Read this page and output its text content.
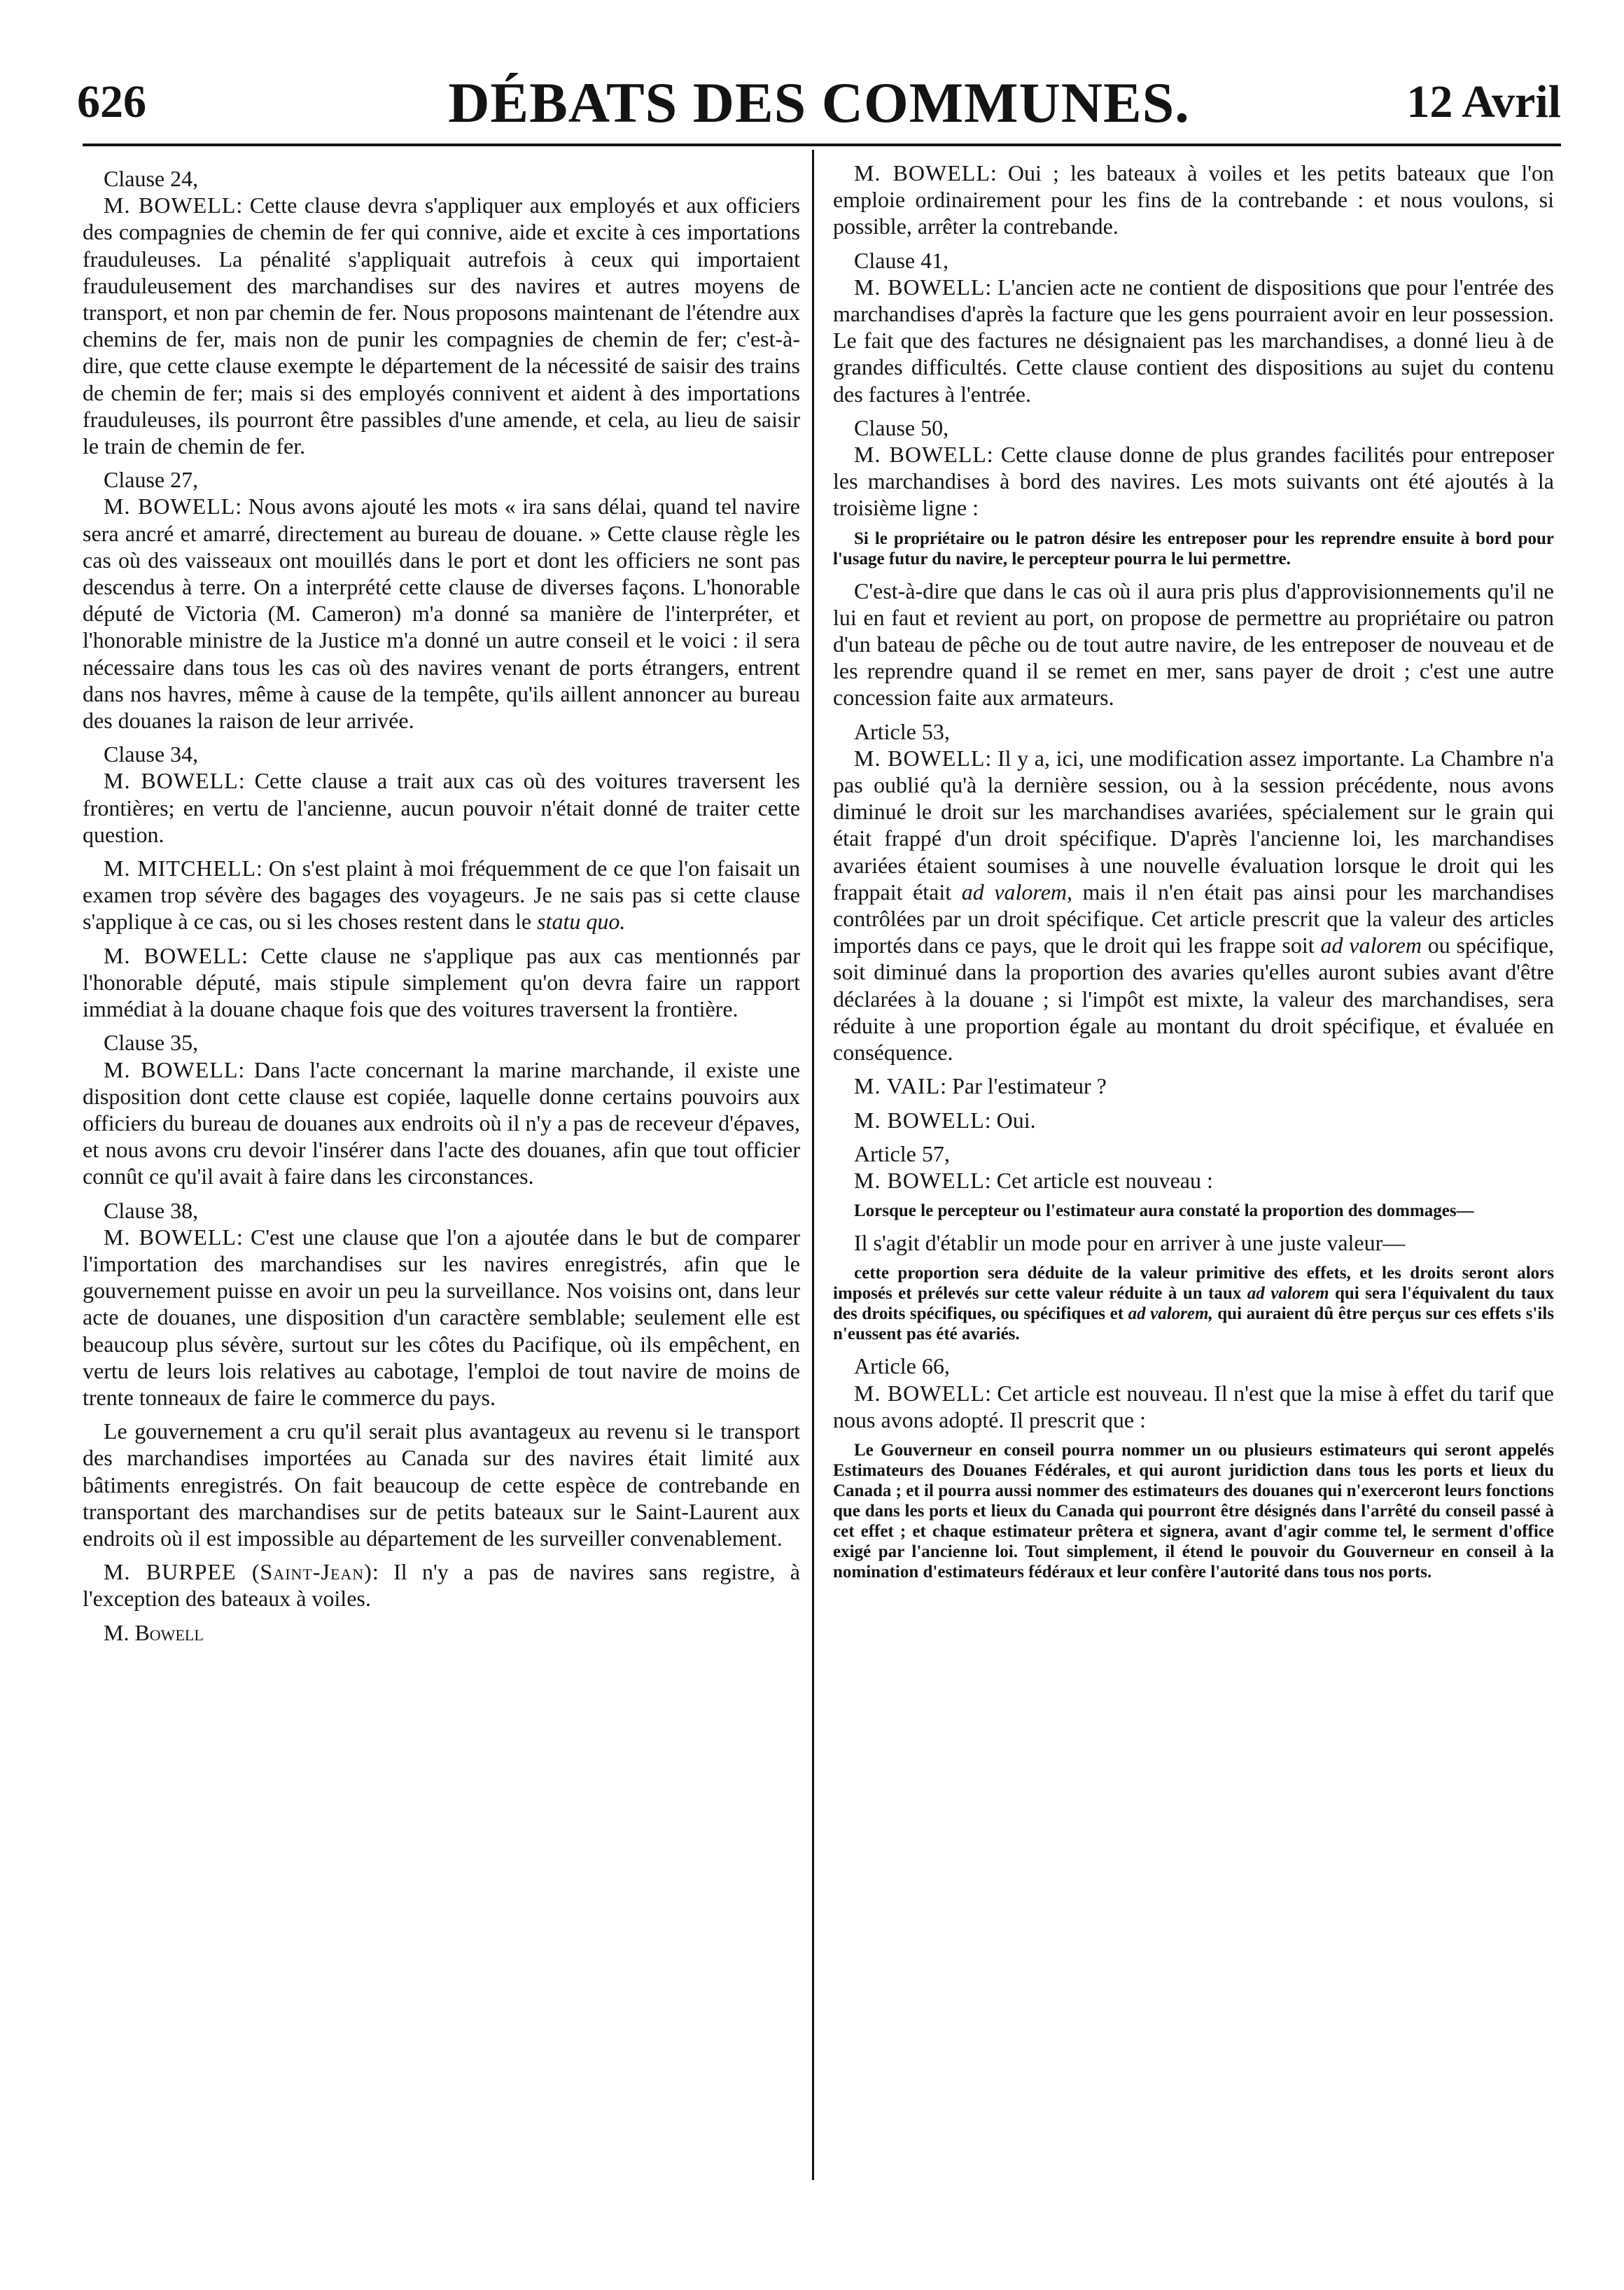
626	DÉBATS DES COMMUNES.	12 Avril

Clause 24,

M. BOWELL: Cette clause devra s'appliquer aux employés et aux officiers des compagnies de chemin de fer qui connive, aide et excite à ces importations frauduleuses. La pénalité s'appliquait autrefois à ceux qui importaient frauduleusement des marchandises sur des navires et autres moyens de transport, et non par chemin de fer. Nous proposons maintenant de l'étendre aux chemins de fer, mais non de punir les compagnies de chemin de fer; c'est-à-dire, que cette clause exempte le département de la nécessité de saisir des trains de chemin de fer; mais si des employés connivent et aident à des importations frauduleuses, ils pourront être passibles d'une amende, et cela, au lieu de saisir le train de chemin de fer.

Clause 27,

M. BOWELL: Nous avons ajouté les mots « ira sans délai, quand tel navire sera ancré et amarré, directement au bureau de douane. » Cette clause règle les cas où des vaisseaux ont mouillés dans le port et dont les officiers ne sont pas descendus à terre. On a interprété cette clause de diverses façons. L'honorable député de Victoria (M. Cameron) m'a donné sa manière de l'interpréter, et l'honorable ministre de la Justice m'a donné un autre conseil et le voici : il sera nécessaire dans tous les cas où des navires venant de ports étrangers, entrent dans nos havres, même à cause de la tempête, qu'ils aillent annoncer au bureau des douanes la raison de leur arrivée.

Clause 34,

M. BOWELL: Cette clause a trait aux cas où des voitures traversent les frontières; en vertu de l'ancienne, aucun pouvoir n'était donné de traiter cette question.

M. MITCHELL: On s'est plaint à moi fréquemment de ce que l'on faisait un examen trop sévère des bagages des voyageurs. Je ne sais pas si cette clause s'applique à ce cas, ou si les choses restent dans le statu quo.

M. BOWELL: Cette clause ne s'applique pas aux cas mentionnés par l'honorable député, mais stipule simplement qu'on devra faire un rapport immédiat à la douane chaque fois que des voitures traversent la frontière.

Clause 35,

M. BOWELL: Dans l'acte concernant la marine marchande, il existe une disposition dont cette clause est copiée, laquelle donne certains pouvoirs aux officiers du bureau de douanes aux endroits où il n'y a pas de receveur d'épaves, et nous avons cru devoir l'insérer dans l'acte des douanes, afin que tout officier connût ce qu'il avait à faire dans les circonstances.

Clause 38,

M. BOWELL: C'est une clause que l'on a ajoutée dans le but de comparer l'importation des marchandises sur les navires enregistrés, afin que le gouvernement puisse en avoir un peu la surveillance. Nos voisins ont, dans leur acte de douanes, une disposition d'un caractère semblable; seulement elle est beaucoup plus sévère, surtout sur les côtes du Pacifique, où ils empêchent, en vertu de leurs lois relatives au cabotage, l'emploi de tout navire de moins de trente tonneaux de faire le commerce du pays.

Le gouvernement a cru qu'il serait plus avantageux au revenu si le transport des marchandises importées au Canada sur des navires était limité aux bâtiments enregistrés. On fait beaucoup de cette espèce de contrebande en transportant des marchandises sur de petits bateaux sur le Saint-Laurent aux endroits où il est impossible au département de les surveiller convenablement.

M. BURPEE (Saint-Jean): Il n'y a pas de navires sans registre, à l'exception des bateaux à voiles.

M. Bowell

M. BOWELL: Oui ; les bateaux à voiles et les petits bateaux que l'on emploie ordinairement pour les fins de la contrebande : et nous voulons, si possible, arrêter la contrebande.

Clause 41,

M. BOWELL: L'ancien acte ne contient de dispositions que pour l'entrée des marchandises d'après la facture que les gens pourraient avoir en leur possession. Le fait que des factures ne désignaient pas les marchandises, a donné lieu à de grandes difficultés. Cette clause contient des dispositions au sujet du contenu des factures à l'entrée.

Clause 50,

M. BOWELL: Cette clause donne de plus grandes facilités pour entreposer les marchandises à bord des navires. Les mots suivants ont été ajoutés à la troisième ligne :

Si le propriétaire ou le patron désire les entreposer pour les reprendre ensuite à bord pour l'usage futur du navire, le percepteur pourra le lui permettre.

C'est-à-dire que dans le cas où il aura pris plus d'approvisionnements qu'il ne lui en faut et revient au port, on propose de permettre au propriétaire ou patron d'un bateau de pêche ou de tout autre navire, de les entreposer de nouveau et de les reprendre quand il se remet en mer, sans payer de droit ; c'est une autre concession faite aux armateurs.

Article 53,

M. BOWELL: Il y a, ici, une modification assez importante. La Chambre n'a pas oublié qu'à la dernière session, ou à la session précédente, nous avons diminué le droit sur les marchandises avariées, spécialement sur le grain qui était frappé d'un droit spécifique. D'après l'ancienne loi, les marchandises avariées étaient soumises à une nouvelle évaluation lorsque le droit qui les frappait était ad valorem, mais il n'en était pas ainsi pour les marchandises contrôlées par un droit spécifique. Cet article prescrit que la valeur des articles importés dans ce pays, que le droit qui les frappe soit ad valorem ou spécifique, soit diminué dans la proportion des avaries qu'elles auront subies avant d'être déclarées à la douane ; si l'impôt est mixte, la valeur des marchandises, sera réduite à une proportion égale au montant du droit spécifique, et évaluée en conséquence.

M. VAIL: Par l'estimateur ?

M. BOWELL: Oui.

Article 57,

M. BOWELL: Cet article est nouveau :

Lorsque le percepteur ou l'estimateur aura constaté la proportion des dommages—

Il s'agit d'établir un mode pour en arriver à une juste valeur—

cette proportion sera déduite de la valeur primitive des effets, et les droits seront alors imposés et prélevés sur cette valeur réduite à un taux ad valorem qui sera l'équivalent du taux des droits spécifiques, ou spécifiques et ad valorem, qui auraient dû être perçus sur ces effets s'ils n'eussent pas été avariés.

Article 66,

M. BOWELL: Cet article est nouveau. Il n'est que la mise à effet du tarif que nous avons adopté. Il prescrit que :

Le Gouverneur en conseil pourra nommer un ou plusieurs estimateurs qui seront appelés Estimateurs des Douanes Fédérales, et qui auront juridiction dans tous les ports et lieux du Canada ; et il pourra aussi nommer des estimateurs des douanes qui n'exerceront leurs fonctions que dans les ports et lieux du Canada qui pourront être désignés dans l'arrêté du conseil passé à cet effet ; et chaque estimateur prêtera et signera, avant d'agir comme tel, le serment d'office exigé par l'ancienne loi. Tout simplement, il étend le pouvoir du Gouverneur en conseil à la nomination d'estimateurs fédéraux et leur confère l'autorité dans tous nos ports.
